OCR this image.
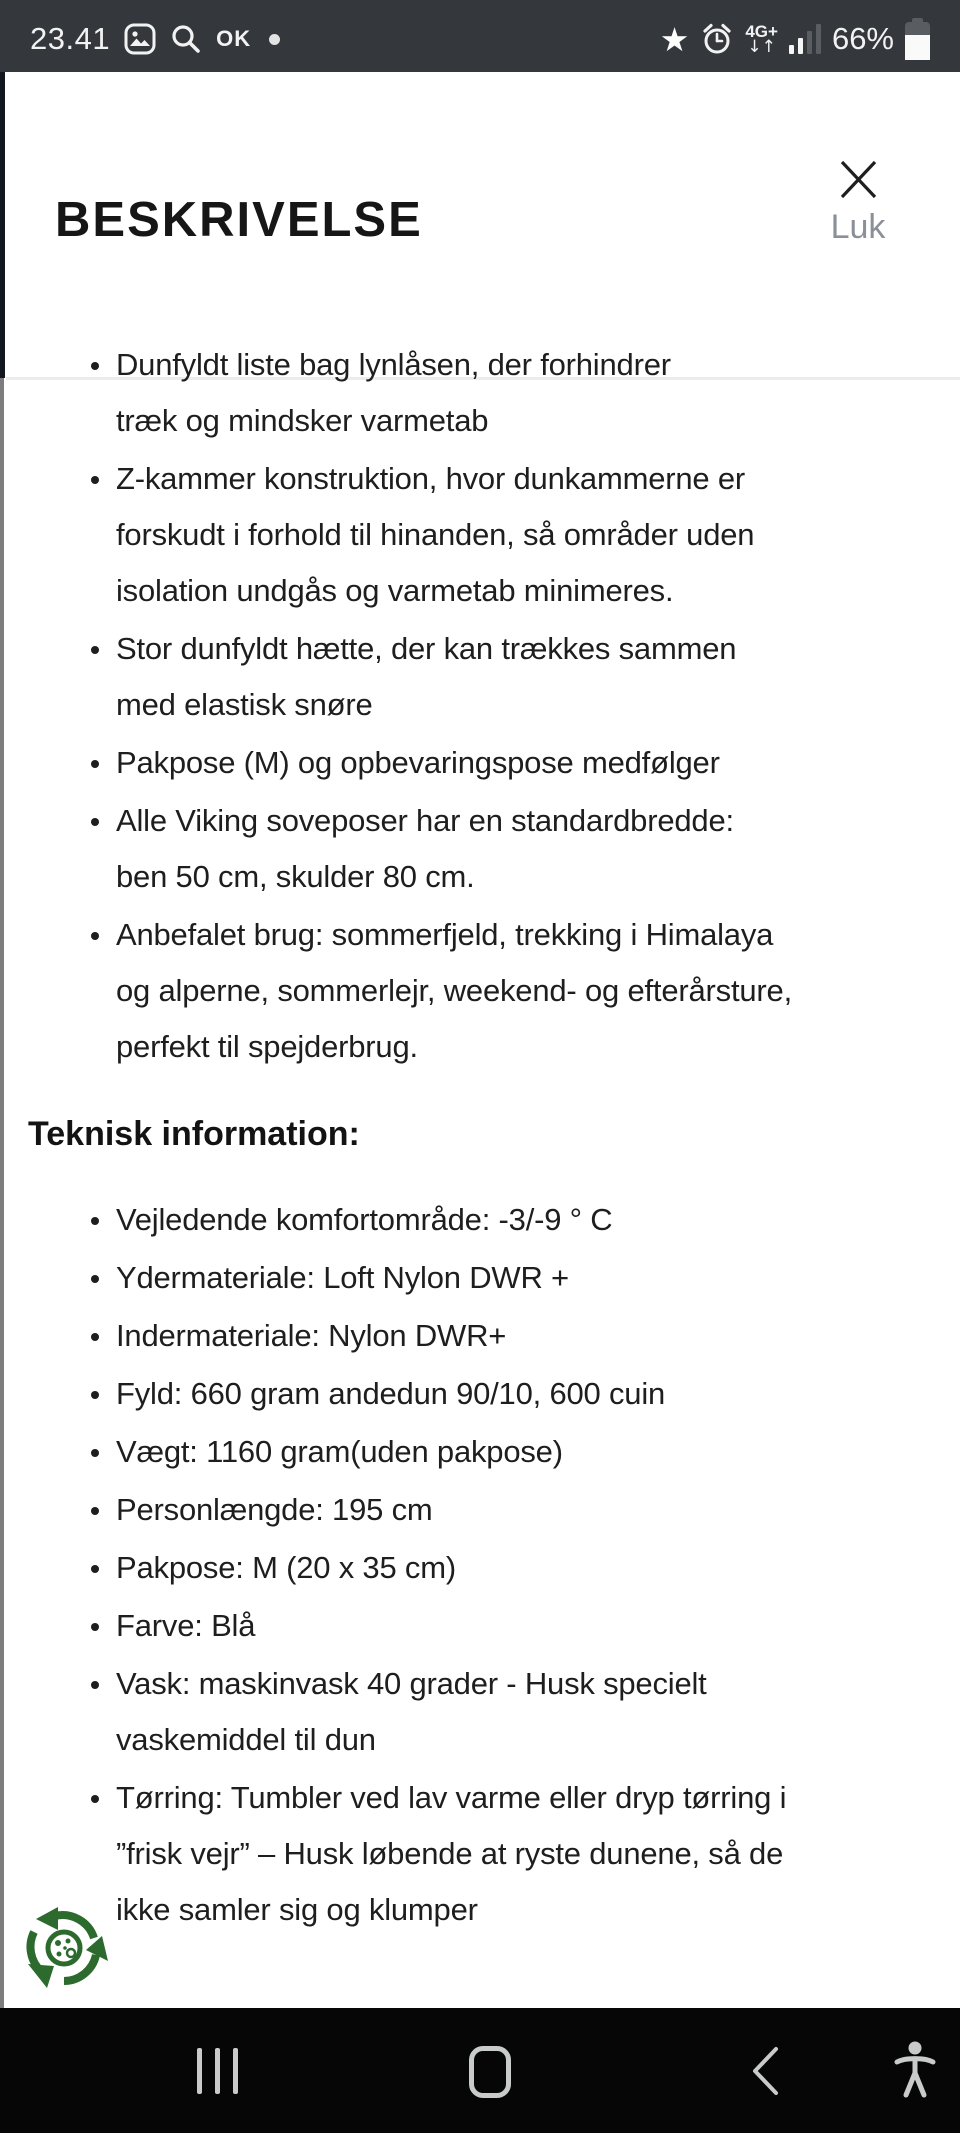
23.41	OK	★	4G+
↓↑ 66%
BESKRIVELSE	Luk
Dunfyldt liste bag lynlåsen, der forhindrer
træk og mindsker varmetab
Z-kammer konstruktion, hvor dunkammerne er
forskudt i forhold til hinanden, så områder uden
isolation undgås og varmetab minimeres.
Stor dunfyldt hætte, der kan trækkes sammen
med elastisk snøre
Pakpose (M) og opbevaringspose medfølger
Alle Viking soveposer har en standardbredde:
ben 50 cm, skulder 80 cm.
Anbefalet brug: sommerfjeld, trekking i Himalaya
og alperne, sommerlejr, weekend- og efterårsture,
perfekt til spejderbrug.
Teknisk information:
Vejledende komfortområde: -3/-9 ° C
Ydermateriale: Loft Nylon DWR +
Indermateriale: Nylon DWR+
Fyld: 660 gram andedun 90/10, 600 cuin
Vægt: 1160 gram(uden pakpose)
Personlængde: 195 cm
Pakpose: M (20 x 35 cm)
Farve: Blå
Vask: maskinvask 40 grader - Husk specielt
vaskemiddel til dun
Tørring: Tumbler ved lav varme eller dryp tørring i
”frisk vejr” – Husk løbende at ryste dunene, så de
ikke samler sig og klumper
